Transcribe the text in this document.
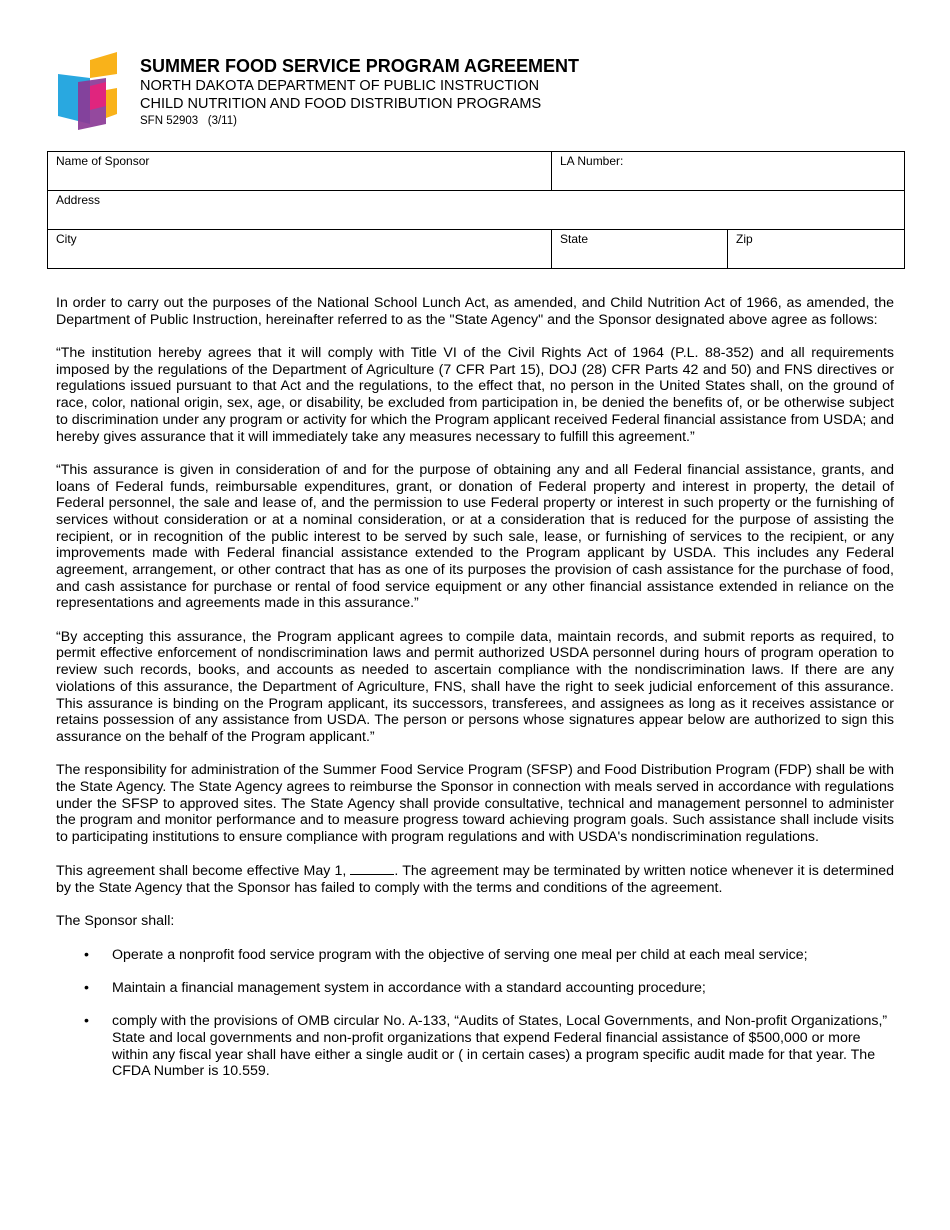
SUMMER FOOD SERVICE PROGRAM AGREEMENT
NORTH DAKOTA DEPARTMENT OF PUBLIC INSTRUCTION
CHILD NUTRITION AND FOOD DISTRIBUTION PROGRAMS
SFN 52903   (3/11)
Name of Sponsor	LA Number:	
Address		
City	State	Zip

In order to carry out the purposes of the National School Lunch Act, as amended, and Child Nutrition Act of 1966, as amended, the Department of Public Instruction, hereinafter referred to as the "State Agency" and the Sponsor designated above agree as follows:

“The institution hereby agrees that it will comply with Title VI of the Civil Rights Act of 1964 (P.L. 88-352) and all requirements imposed by the regulations of the Department of Agriculture (7 CFR Part 15), DOJ (28) CFR Parts 42 and 50) and FNS directives or regulations issued pursuant to that Act and the regulations, to the effect that, no person in the United States shall, on the ground of race, color, national origin, sex, age, or disability, be excluded from participation in, be denied the benefits of, or be otherwise subject to discrimination under any program or activity for which the Program applicant received Federal financial assistance from USDA; and hereby gives assurance that it will immediately take any measures necessary to fulfill this agreement.”

“This assurance is given in consideration of and for the purpose of obtaining any and all Federal financial assistance, grants, and loans of Federal funds, reimbursable expenditures, grant, or donation of Federal property and interest in property, the detail of Federal personnel, the sale and lease of, and the permission to use Federal property or interest in such property or the furnishing of services without consideration or at a nominal consideration, or at a consideration that is reduced for the purpose of assisting the recipient, or in recognition of the public interest to be served by such sale, lease, or furnishing of services to the recipient, or any improvements made with Federal financial assistance extended to the Program applicant by USDA. This includes any Federal agreement, arrangement, or other contract that has as one of its purposes the provision of cash assistance for the purchase of food, and cash assistance for purchase or rental of food service equipment or any other financial assistance extended in reliance on the representations and agreements made in this assurance.”

“By accepting this assurance, the Program applicant agrees to compile data, maintain records, and submit reports as required, to permit effective enforcement of nondiscrimination laws and permit authorized USDA personnel during hours of program operation to review such records, books, and accounts as needed to ascertain compliance with the nondiscrimination laws. If there are any violations of this assurance, the Department of Agriculture, FNS, shall have the right to seek judicial enforcement of this assurance. This assurance is binding on the Program applicant, its successors, transferees, and assignees as long as it receives assistance or retains possession of any assistance from USDA. The person or persons whose signatures appear below are authorized to sign this assurance on the behalf of the Program applicant.”

The responsibility for administration of the Summer Food Service Program (SFSP) and Food Distribution Program (FDP) shall be with the State Agency. The State Agency agrees to reimburse the Sponsor in connection with meals served in accordance with regulations under the SFSP to approved sites. The State Agency shall provide consultative, technical and management personnel to administer the program and monitor performance and to measure progress toward achieving program goals. Such assistance shall include visits to participating institutions to ensure compliance with program regulations and with USDA's nondiscrimination regulations.

This agreement shall become effective May 1,	. The agreement may be terminated by written notice whenever it is determined by the State Agency that the Sponsor has failed to comply with the terms and conditions of the agreement.

The Sponsor shall:

• Operate a nonprofit food service program with the objective of serving one meal per child at each meal service;
• Maintain a financial management system in accordance with a standard accounting procedure;
• comply with the provisions of OMB circular No. A-133, “Audits of States, Local Governments, and Non-profit Organizations,” State and local governments and non-profit organizations that expend Federal financial assistance of $500,000 or more within any fiscal year shall have either a single audit or ( in certain cases) a program specific audit made for that year. The CFDA Number is 10.559.
